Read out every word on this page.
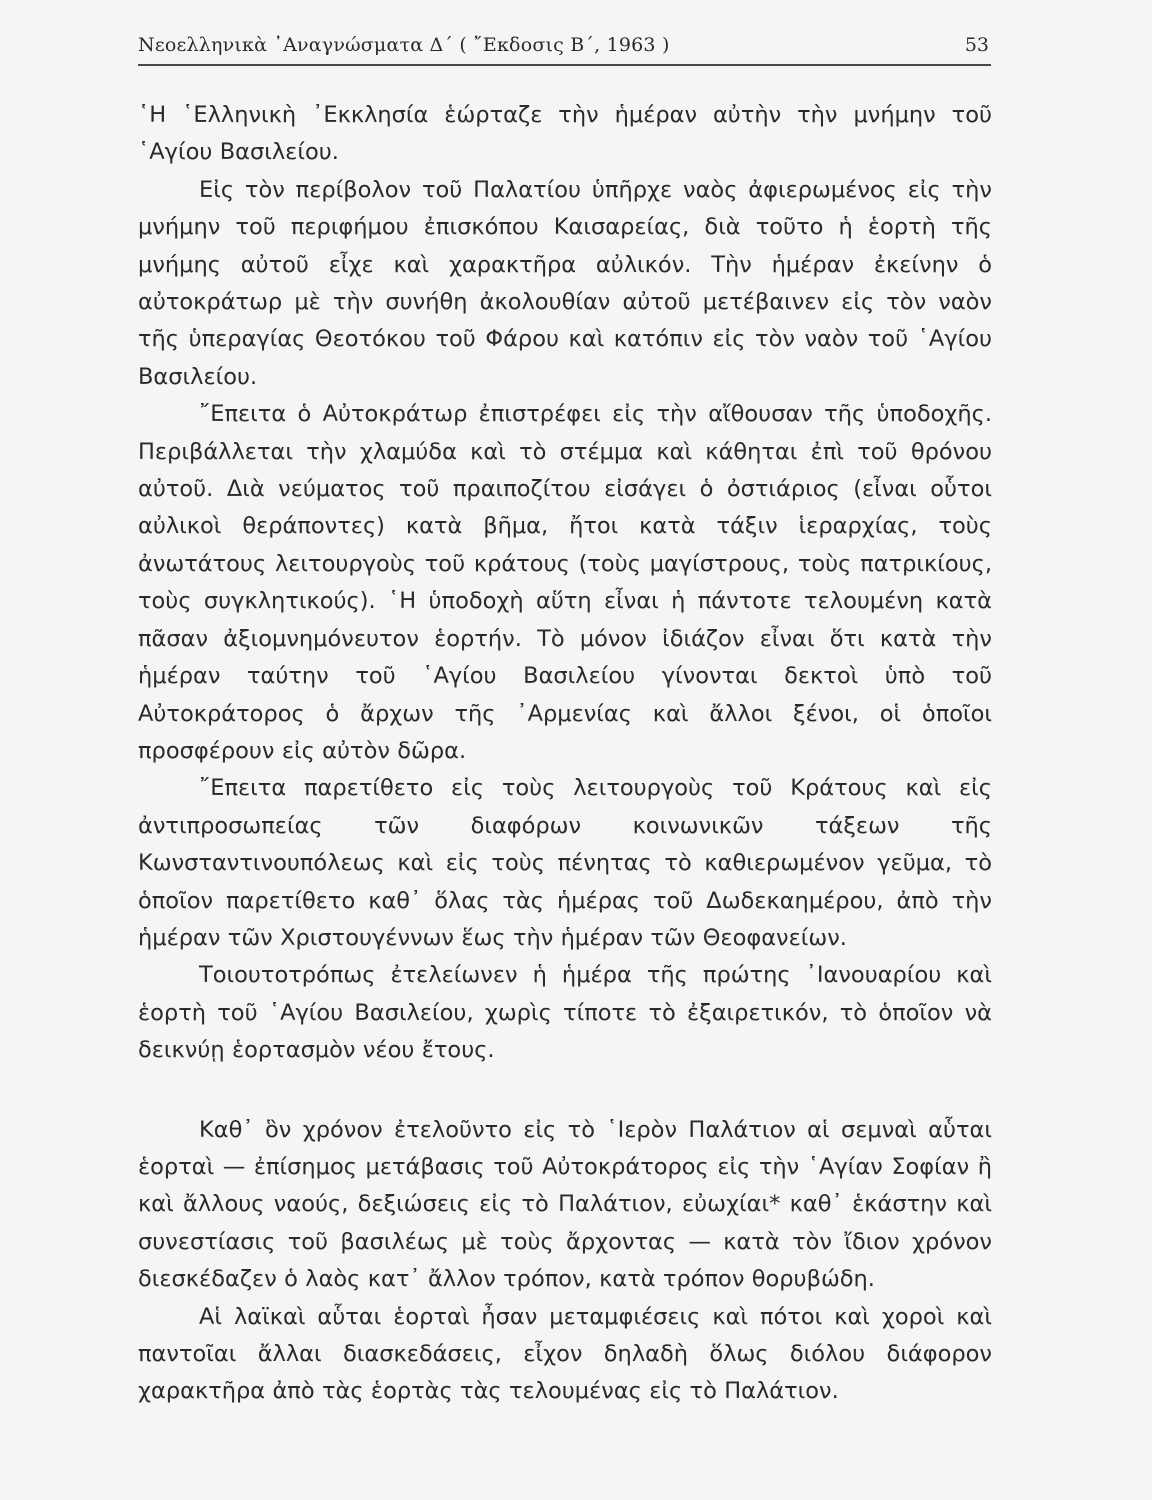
Νεοελληνικὰ ᾿Αναγνώσματα Δ΄ ( ῎Εκδοσις Β΄, 1963 )	53

῾Η ῾Ελληνικὴ ᾿Εκκλησία ἑώρταζε τὴν ἡμέραν αὐτὴν τὴν μνήμην τοῦ ῾Αγίου Βασιλείου.

Εἰς τὸν περίβολον τοῦ Παλατίου ὑπῆρχε ναὸς ἀφιερωμένος εἰς τὴν μνήμην τοῦ περιφήμου ἐπισκόπου Καισαρείας, διὰ τοῦτο ἡ ἑορτὴ τῆς μνήμης αὐτοῦ εἶχε καὶ χαρακτῆρα αὐλικόν. Τὴν ἡμέραν ἐκείνην ὁ αὐτοκράτωρ μὲ τὴν συνήθη ἀκολουθίαν αὐτοῦ μετέβαινεν εἰς τὸν ναὸν τῆς ὑπεραγίας Θεοτόκου τοῦ Φάρου καὶ κατόπιν εἰς τὸν ναὸν τοῦ ῾Αγίου Βασιλείου.

῎Επειτα ὁ Αὐτοκράτωρ ἐπιστρέφει εἰς τὴν αἴθουσαν τῆς ὑποδοχῆς. Περιβάλλεται τὴν χλαμύδα καὶ τὸ στέμμα καὶ κάθηται ἐπὶ τοῦ θρόνου αὐτοῦ. Διὰ νεύματος τοῦ πραιποζίτου εἰσάγει ὁ ὀστιάριος (εἶναι οὗτοι αὐλικοὶ θεράποντες) κατὰ βῆμα, ἤτοι κατὰ τάξιν ἱεραρχίας, τοὺς ἀνωτάτους λειτουργοὺς τοῦ κράτους (τοὺς μαγίστρους, τοὺς πατρικίους, τοὺς συγκλητικούς). ῾Η ὑποδοχὴ αὕτη εἶναι ἡ πάντοτε τελουμένη κατὰ πᾶσαν ἀξιομνημόνευτον ἑορτήν. Τὸ μόνον ἰδιάζον εἶναι ὅτι κατὰ τὴν ἡμέραν ταύτην τοῦ ῾Αγίου Βασιλείου γίνονται δεκτοὶ ὑπὸ τοῦ Αὐτοκράτορος ὁ ἄρχων τῆς ᾿Αρμενίας καὶ ἄλλοι ξένοι, οἱ ὁποῖοι προσφέρουν εἰς αὐτὸν δῶρα.

῎Επειτα παρετίθετο εἰς τοὺς λειτουργοὺς τοῦ Κράτους καὶ εἰς ἀντιπροσωπείας τῶν διαφόρων κοινωνικῶν τάξεων τῆς Κωνσταντινουπόλεως καὶ εἰς τοὺς πένητας τὸ καθιερωμένον γεῦμα, τὸ ὁποῖον παρετίθετο καθ᾿ ὅλας τὰς ἡμέρας τοῦ Δωδεκαημέρου, ἀπὸ τὴν ἡμέραν τῶν Χριστουγέννων ἕως τὴν ἡμέραν τῶν Θεοφανείων.

Τοιουτοτρόπως ἐτελείωνεν ἡ ἡμέρα τῆς πρώτης ᾿Ιανουαρίου καὶ ἑορτὴ τοῦ ῾Αγίου Βασιλείου, χωρὶς τίποτε τὸ ἐξαιρετικόν, τὸ ὁποῖον νὰ δεικνύῃ ἑορτασμὸν νέου ἔτους.

Καθ᾿ ὃν χρόνον ἐτελοῦντο εἰς τὸ ῾Ιερὸν Παλάτιον αἱ σεμναὶ αὗται ἑορταὶ — ἐπίσημος μετάβασις τοῦ Αὐτοκράτορος εἰς τὴν ῾Αγίαν Σοφίαν ἢ καὶ ἄλλους ναούς, δεξιώσεις εἰς τὸ Παλάτιον, εὐωχίαι* καθ᾿ ἑκάστην καὶ συνεστίασις τοῦ βασιλέως μὲ τοὺς ἄρχοντας — κατὰ τὸν ἴδιον χρόνον διεσκέδαζεν ὁ λαὸς κατ᾿ ἄλλον τρόπον, κατὰ τρόπον θορυβώδη.

Αἱ λαϊκαὶ αὗται ἑορταὶ ἦσαν μεταμφιέσεις καὶ πότοι καὶ χοροὶ καὶ παντοῖαι ἄλλαι διασκεδάσεις, εἶχον δηλαδὴ ὅλως διόλου διάφορον χαρακτῆρα ἀπὸ τὰς ἑορτὰς τὰς τελουμένας εἰς τὸ Παλάτιον.
